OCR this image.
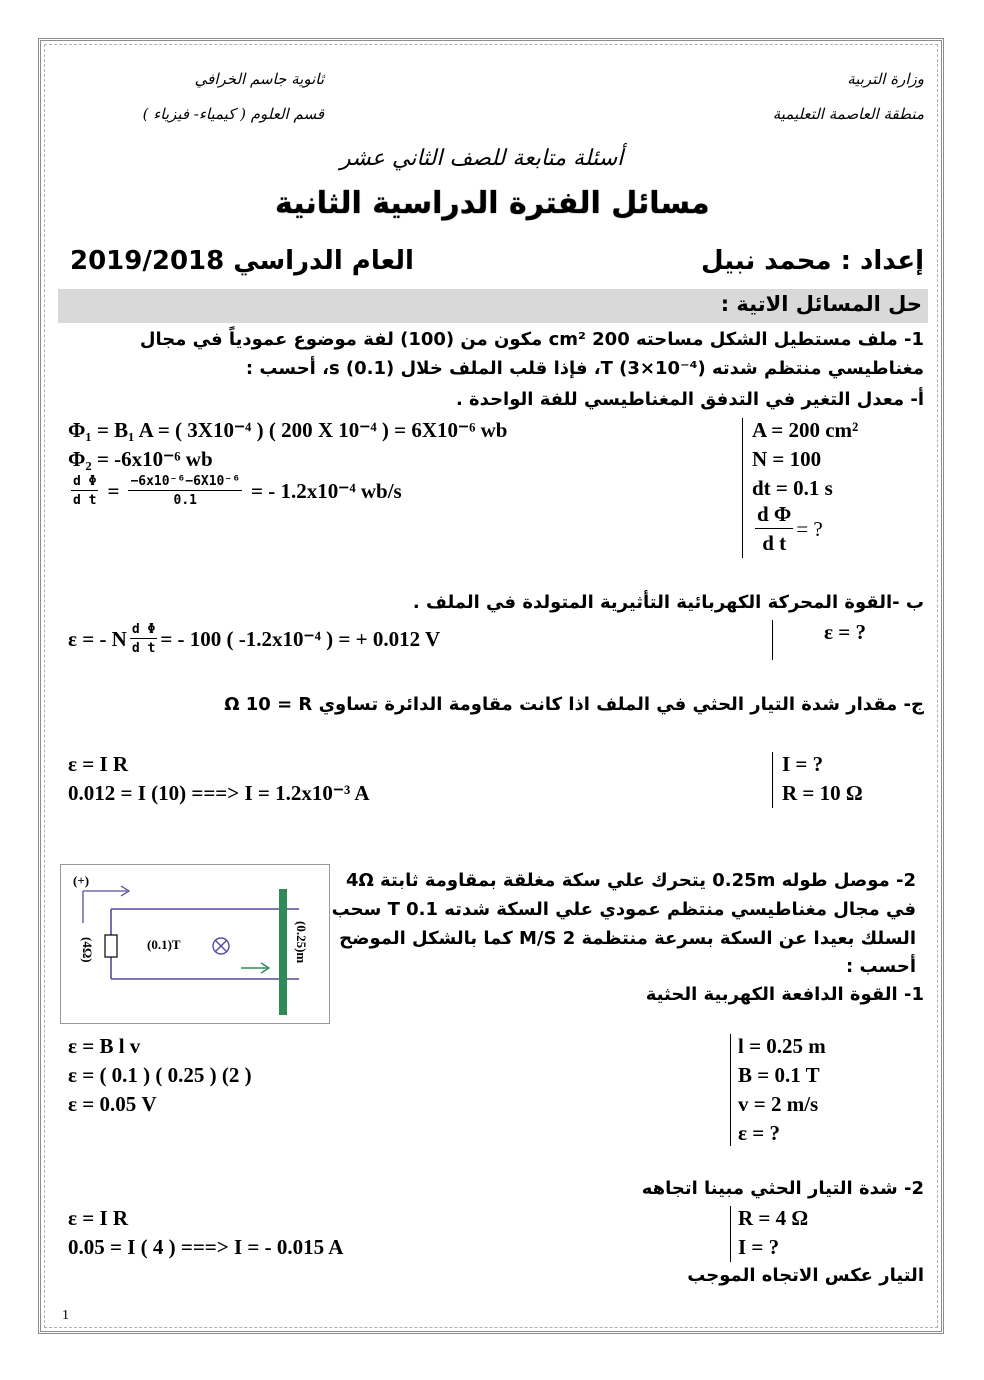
وزارة التربية
منطقة العاصمة التعليمية
ثانوية جاسم الخرافي
قسم العلوم ( كيمياء- فيزياء )
أسئلة متابعة للصف الثاني عشر
مسائل الفترة الدراسية الثانية
إعداد : محمد نبيل
العام الدراسي 2019/2018
حل المسائل الاتية :
1- ملف مستطيل الشكل مساحته 200 cm² مكون من (100) لفة موضوع عمودياً في مجال
مغناطيسي منتظم شدته T (3×10⁻⁴)، فإذا قلب الملف خلال s (0.1)، أحسب :
أ- معدل التغير في التدفق المغناطيسي للفة الواحدة .
Φ₁ = B₁ A = ( 3X10⁻⁴ ) ( 200 X 10⁻⁴ ) = 6X10⁻⁶ wb
Φ₂ = -6x10⁻⁶ wb
$\frac{\text{d Φ}}{\text{d t}} = \frac{\text{−6x10⁻⁶−6X10⁻⁶}}{0.1}$ = - 1.2x10⁻⁴ wb/s
A = 200 cm²
N = 100
dt = 0.1 s
$\frac{\text{d Φ}}{\text{d t}}$ = ?
ب -القوة المحركة الكهربائية التأثيرية المتولدة في الملف .
ε = - N $\frac{\text{d Φ}}{\text{d t}}$ = - 100 ( -1.2x10⁻⁴ ) = + 0.012 V	ε = ?
ج- مقدار شدة التيار الحثي في الملف اذا كانت مقاومة الدائرة تساوي Ω 10 = R
I = ?
R = 10 Ω
ε = I R
0.012 = I (10) ===> I = 1.2x10⁻³ A
(+)
(4Ω)	(0.1)T	(0.25)m
2- موصل طوله 0.25m يتحرك علي سكة مغلقة بمقاومة ثابتة 4Ω
في مجال مغناطيسي منتظم عمودي علي السكة شدته T 0.1 سحب
السلك بعيدا عن السكة بسرعة منتظمة M/S 2 كما بالشكل الموضح
أحسب :
1- القوة الدافعة الكهربية الحثية
l = 0.25 m
B = 0.1 T
v = 2 m/s
ε = ?
ε = B l v
ε = ( 0.1 ) ( 0.25 ) (2 )
ε = 0.05 V
2- شدة التيار الحثي مبينا اتجاهه
R = 4 Ω
I = ?
ε = I R
0.05 = I ( 4 ) ===> I = - 0.015 A
التيار عكس الاتجاه الموجب
1
